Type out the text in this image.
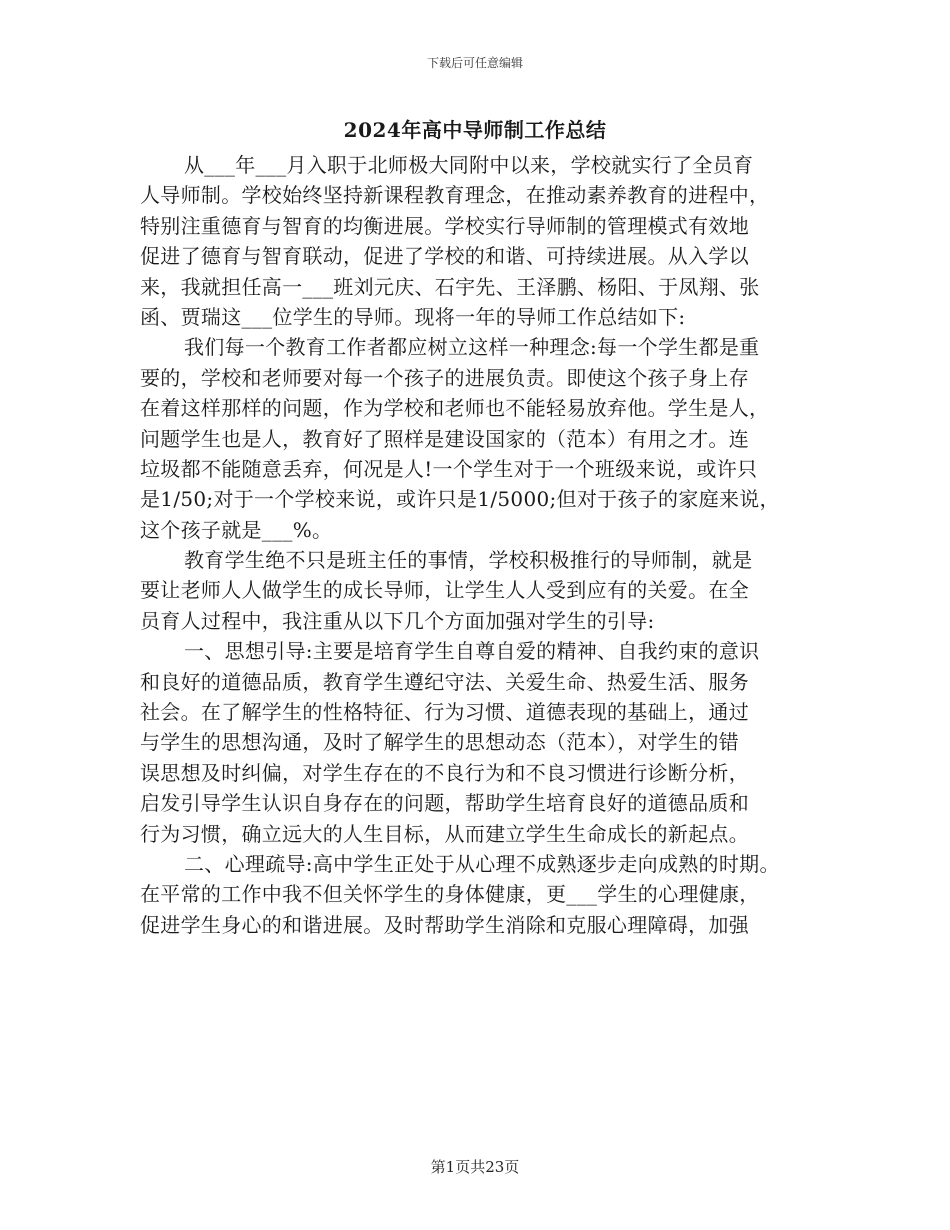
下载后可任意编辑
2024年高中导师制工作总结
从___年___月入职于北师极大同附中以来，学校就实行了全员育
人导师制。学校始终坚持新课程教育理念，在推动素养教育的进程中，
特别注重德育与智育的均衡进展。学校实行导师制的管理模式有效地
促进了德育与智育联动，促进了学校的和谐、可持续进展。从入学以
来，我就担任高一___班刘元庆、石宇先、王泽鹏、杨阳、于凤翔、张
函、贾瑞这___位学生的导师。现将一年的导师工作总结如下:
我们每一个教育工作者都应树立这样一种理念:每一个学生都是重
要的，学校和老师要对每一个孩子的进展负责。即使这个孩子身上存
在着这样那样的问题，作为学校和老师也不能轻易放弃他。学生是人，
问题学生也是人，教育好了照样是建设国家的（范本）有用之才。连
垃圾都不能随意丢弃，何况是人!一个学生对于一个班级来说，或许只
是1/50;对于一个学校来说，或许只是1/5000;但对于孩子的家庭来说，
这个孩子就是___%。
教育学生绝不只是班主任的事情，学校积极推行的导师制，就是
要让老师人人做学生的成长导师，让学生人人受到应有的关爱。在全
员育人过程中，我注重从以下几个方面加强对学生的引导:
一、思想引导:主要是培育学生自尊自爱的精神、自我约束的意识
和良好的道德品质，教育学生遵纪守法、关爱生命、热爱生活、服务
社会。在了解学生的性格特征、行为习惯、道德表现的基础上，通过
与学生的思想沟通，及时了解学生的思想动态（范本），对学生的错
误思想及时纠偏，对学生存在的不良行为和不良习惯进行诊断分析，
启发引导学生认识自身存在的问题，帮助学生培育良好的道德品质和
行为习惯，确立远大的人生目标，从而建立学生生命成长的新起点。
二、心理疏导:高中学生正处于从心理不成熟逐步走向成熟的时期。
在平常的工作中我不但关怀学生的身体健康，更___学生的心理健康，
促进学生身心的和谐进展。及时帮助学生消除和克服心理障碍，加强
第1页共23页
